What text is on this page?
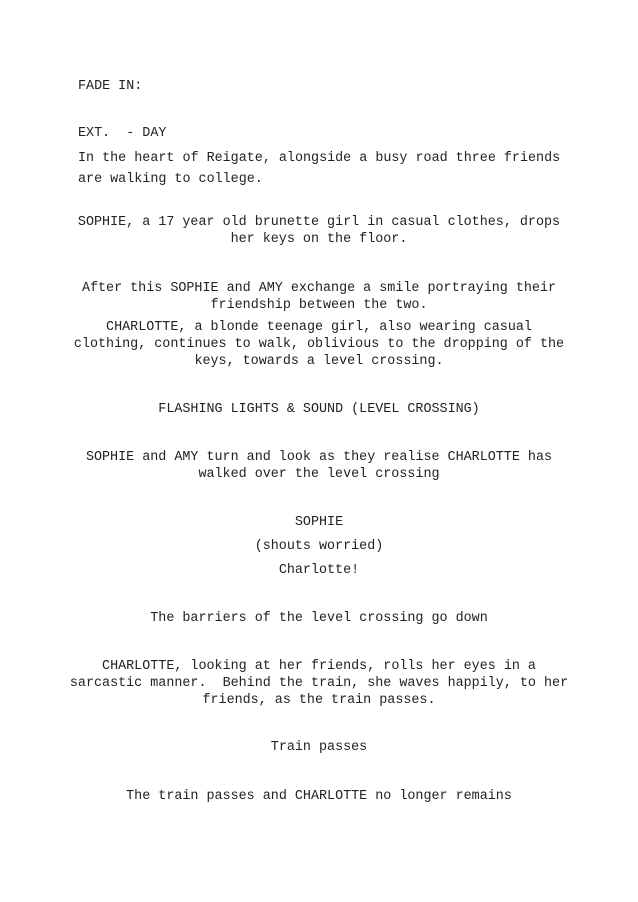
FADE IN:

EXT.  - DAY

In the heart of Reigate, alongside a busy road three friends

are walking to college.

SOPHIE, a 17 year old brunette girl in casual clothes, drops

her keys on the floor.

After this SOPHIE and AMY exchange a smile portraying their

friendship between the two.

CHARLOTTE, a blonde teenage girl, also wearing casual

clothing, continues to walk, oblivious to the dropping of the

keys, towards a level crossing.

FLASHING LIGHTS & SOUND (LEVEL CROSSING)

SOPHIE and AMY turn and look as they realise CHARLOTTE has

walked over the level crossing

SOPHIE

(shouts worried)

Charlotte!

The barriers of the level crossing go down

CHARLOTTE, looking at her friends, rolls her eyes in a

sarcastic manner.  Behind the train, she waves happily, to her

friends, as the train passes.

Train passes

The train passes and CHARLOTTE no longer remains
